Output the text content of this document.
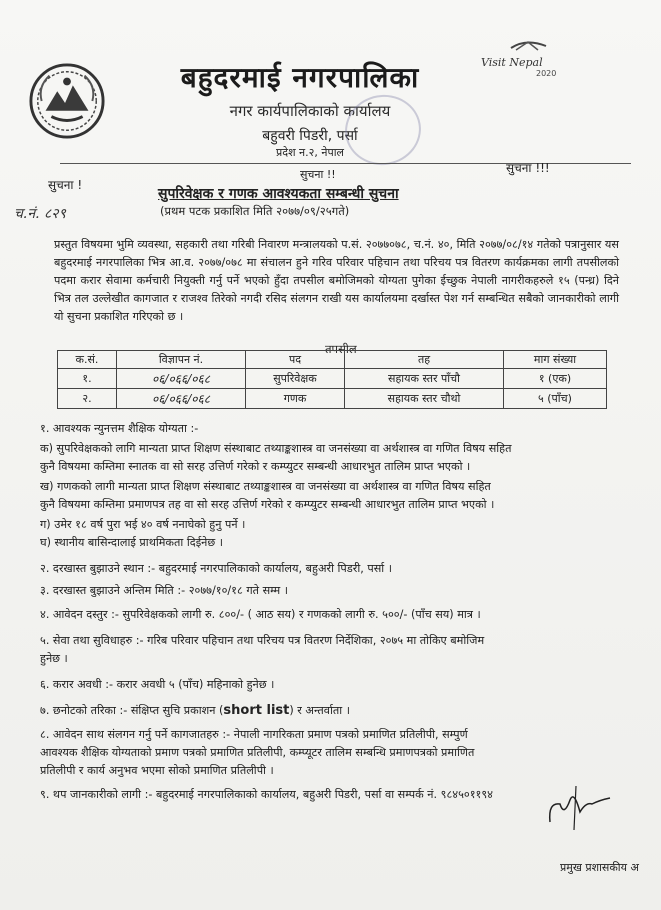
Visit Nepal
2020
बहुदरमाई नगरपालिका
नगर कार्यपालिकाको कार्यालय
बहुवरी पिडरी, पर्सा
प्रदेश न.२, नेपाल
सुचना !
सुचना !!	सुचना !!!
च.नं. ८२९
सुपरिवेक्षक र गणक आवश्यकता सम्बन्धी सुचना
(प्रथम पटक प्रकाशित मिति २०७७/०९/२५गते)
प्रस्तुत विषयमा भुमि व्यवस्था, सहकारी तथा गरिबी निवारण मन्त्रालयको प.सं. २०७७०७८, च.नं. ४०, मिति २०७७/०८/१४ गतेको पत्रानुसार यस बहुदरमाई नगरपालिका भित्र आ.व. २०७७/०७८ मा संचालन हुने गरिव परिवार पहिचान तथा परिचय पत्र वितरण कार्यक्रमका लागी तपसीलको पदमा करार सेवामा कर्मचारी नियुक्ती गर्नु पर्ने भएको हुँदा तपसील बमोजिमको योग्यता पुगेका ईच्छुक नेपाली नागरीकहरुले १५ (पन्ध्र) दिने भित्र तल उल्लेखीत कागजात र राजश्व तिरेको नगदी रसिद संलगन राखी यस कार्यालयमा दर्खास्त पेश गर्न सम्बन्धित सबैको जानकारीको लागी यो सुचना प्रकाशित गरिएको छ ।
तपसील
क.सं.	विज्ञापन नं.	पद	तह	माग संख्या
१.	०६/०६६/०६८	सुपरिवेक्षक	सहायक स्तर पाँचौ	१ (एक)
२.	०६/०६६/०६८	गणक	सहायक स्तर चौथो	५ (पाँच)

१. आवश्यक न्युनत्तम शैक्षिक योग्यता :-

क) सुपरिवेक्षकको लागि मान्यता प्राप्त शिक्षण संस्थाबाट तथ्याङ्कशास्त्र वा जनसंख्या वा अर्थशास्त्र वा गणित विषय सहित

कुनै विषयमा कम्तिमा स्नातक वा सो सरह उत्तिर्ण गरेको र कम्प्युटर सम्बन्धी आधारभुत तालिम प्राप्त भएको ।

ख) गणकको लागी मान्यता प्राप्त शिक्षण संस्थाबाट तथ्याङ्कशास्त्र वा जनसंख्या वा अर्थशास्त्र वा गणित विषय सहित

कुनै विषयमा कम्तिमा प्रमाणपत्र तह वा सो सरह उत्तिर्ण गरेको र कम्प्युटर सम्बन्धी आधारभुत तालिम प्राप्त भएको ।

ग) उमेर १८ वर्ष पुरा भई ४० वर्ष ननाघेको हुनु पर्ने ।

घ) स्थानीय बासिन्दालाई प्राथमिकता दिईनेछ ।

२. दरखास्त बुझाउने स्थान :- बहुदरमाई नगरपालिकाको कार्यालय, बहुअरी पिडरी, पर्सा ।

३. दरखास्त बुझाउने अन्तिम मिति :- २०७७/१०/१८ गते सम्म ।

४. आवेदन दस्तुर :- सुपरिवेक्षकको लागी रु. ८००/- ( आठ सय) र गणकको लागी रु. ५००/- (पाँच सय) मात्र ।

५. सेवा तथा सुविधाहरु :- गरिब परिवार पहिचान तथा परिचय पत्र वितरण निर्देशिका, २०७५ मा तोकिए बमोजिम

हुनेछ ।

६. करार अवधी :- करार अवधी ५ (पाँच) महिनाको हुनेछ ।

७. छनोटको तरिका :- संक्षिप्त सुचि प्रकाशन (short list) र अन्तर्वाता ।

८. आवेदन साथ संलगन गर्नु पर्ने कागजातहरु :- नेपाली नागरिकता प्रमाण पत्रको प्रमाणित प्रतिलीपी, सम्पुर्ण

आवश्यक शैक्षिक योग्यताको प्रमाण पत्रको प्रमाणित प्रतिलीपी, कम्प्यूटर तालिम सम्बन्धि प्रमाणपत्रको प्रमाणित

प्रतिलीपी र कार्य अनुभव भएमा सोको प्रमाणित प्रतिलीपी ।

९. थप जानकारीको लागी :- बहुदरमाई नगरपालिकाको कार्यालय, बहुअरी पिडरी, पर्सा वा सम्पर्क नं. ९८४५०११९४

प्रमुख प्रशासकीय अ
